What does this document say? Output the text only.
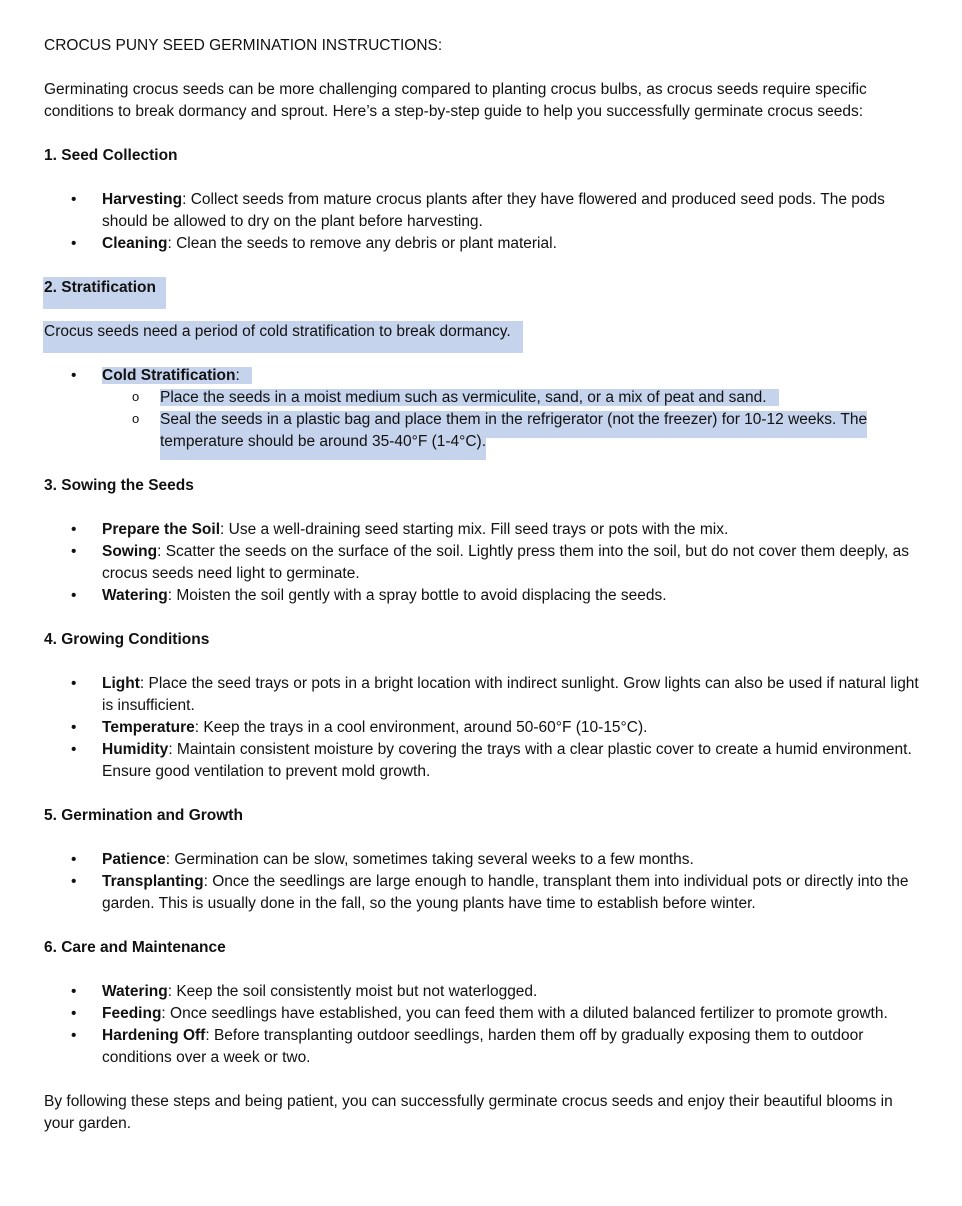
CROCUS PUNY SEED GERMINATION INSTRUCTIONS:

Germinating crocus seeds can be more challenging compared to planting crocus bulbs, as crocus seeds require specific conditions to break dormancy and sprout. Here’s a step-by-step guide to help you successfully germinate crocus seeds:

1. Seed Collection

• Harvesting: Collect seeds from mature crocus plants after they have flowered and produced seed pods. The pods should be allowed to dry on the plant before harvesting.
• Cleaning: Clean the seeds to remove any debris or plant material.

2. Stratification

Crocus seeds need a period of cold stratification to break dormancy.

• Cold Stratification:
o Place the seeds in a moist medium such as vermiculite, sand, or a mix of peat and sand.
o Seal the seeds in a plastic bag and place them in the refrigerator (not the freezer) for 10-12 weeks. The temperature should be around 35-40°F (1-4°C).

3. Sowing the Seeds

• Prepare the Soil: Use a well-draining seed starting mix. Fill seed trays or pots with the mix.
• Sowing: Scatter the seeds on the surface of the soil. Lightly press them into the soil, but do not cover them deeply, as crocus seeds need light to germinate.
• Watering: Moisten the soil gently with a spray bottle to avoid displacing the seeds.

4. Growing Conditions

• Light: Place the seed trays or pots in a bright location with indirect sunlight. Grow lights can also be used if natural light is insufficient.
• Temperature: Keep the trays in a cool environment, around 50-60°F (10-15°C).
• Humidity: Maintain consistent moisture by covering the trays with a clear plastic cover to create a humid environment. Ensure good ventilation to prevent mold growth.

5. Germination and Growth

• Patience: Germination can be slow, sometimes taking several weeks to a few months.
• Transplanting: Once the seedlings are large enough to handle, transplant them into individual pots or directly into the garden. This is usually done in the fall, so the young plants have time to establish before winter.

6. Care and Maintenance

• Watering: Keep the soil consistently moist but not waterlogged.
• Feeding: Once seedlings have established, you can feed them with a diluted balanced fertilizer to promote growth.
• Hardening Off: Before transplanting outdoor seedlings, harden them off by gradually exposing them to outdoor conditions over a week or two.

By following these steps and being patient, you can successfully germinate crocus seeds and enjoy their beautiful blooms in your garden.
